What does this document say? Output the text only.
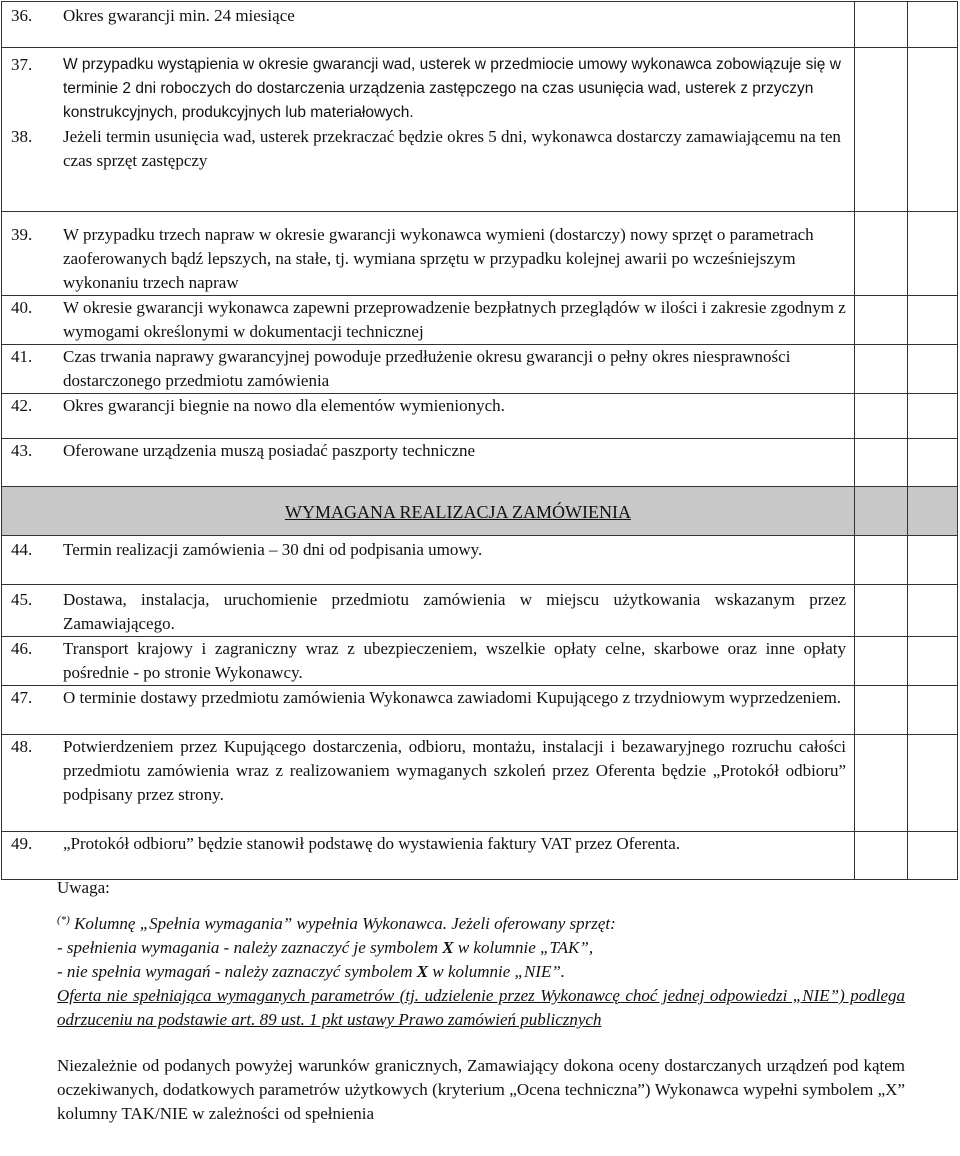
36. Okres gwarancji min. 24 miesiące		

37. W przypadku wystąpienia w okresie gwarancji wad, usterek w przedmiocie umowy wykonawca zobowiązuje się w terminie 2 dni roboczych do dostarczenia urządzenia zastępczego na czas usunięcia wad, usterek z przyczyn konstrukcyjnych, produkcyjnych lub materiałowych.
38. Jeżeli termin usunięcia wad, usterek przekraczać będzie okres 5 dni, wykonawca dostarczy zamawiającemu na ten czas sprzęt zastępczy		

39. W przypadku trzech napraw w okresie gwarancji wykonawca wymieni (dostarczy) nowy sprzęt o parametrach zaoferowanych bądź lepszych, na stałe, tj. wymiana sprzętu w przypadku kolejnej awarii po wcześniejszym wykonaniu trzech napraw		

40. W okresie gwarancji wykonawca zapewni przeprowadzenie bezpłatnych przeglądów w ilości i zakresie zgodnym z wymogami określonymi w dokumentacji technicznej		

41. Czas trwania naprawy gwarancyjnej powoduje przedłużenie okresu gwarancji o pełny okres niesprawności dostarczonego przedmiotu zamówienia		

42. Okres gwarancji biegnie na nowo dla elementów wymienionych.		

43. Oferowane urządzenia muszą posiadać paszporty techniczne		

WYMAGANA REALIZACJA ZAMÓWIENIA		

44. Termin realizacji zamówienia – 30 dni od podpisania umowy.		

45. Dostawa, instalacja, uruchomienie przedmiotu zamówienia w miejscu użytkowania wskazanym przez Zamawiającego.		

46. Transport krajowy i zagraniczny wraz z ubezpieczeniem, wszelkie opłaty celne, skarbowe oraz inne opłaty pośrednie - po stronie Wykonawcy.		

47. O terminie dostawy przedmiotu zamówienia Wykonawca zawiadomi Kupującego z trzydniowym wyprzedzeniem.		

48. Potwierdzeniem przez Kupującego dostarczenia, odbioru, montażu, instalacji i bezawaryjnego rozruchu całości przedmiotu zamówienia wraz z realizowaniem wymaganych szkoleń przez Oferenta będzie „Protokół odbioru” podpisany przez strony.		

49. „Protokół odbioru” będzie stanowił podstawę do wystawienia faktury VAT przez Oferenta.		

Uwaga:

(*) Kolumnę „Spełnia wymagania” wypełnia Wykonawca. Jeżeli oferowany sprzęt:

- spełnienia wymagania - należy zaznaczyć je symbolem X w kolumnie „TAK”,

- nie spełnia wymagań - należy zaznaczyć symbolem X w kolumnie „NIE”.

Oferta nie spełniająca wymaganych parametrów (tj. udzielenie przez Wykonawcę choć jednej odpowiedzi „NIE”) podlega odrzuceniu na podstawie art. 89 ust. 1 pkt ustawy Prawo zamówień publicznych

Niezależnie od podanych powyżej warunków granicznych, Zamawiający dokona oceny dostarczanych urządzeń pod kątem oczekiwanych, dodatkowych parametrów użytkowych (kryterium „Ocena techniczna”) Wykonawca wypełni symbolem „X” kolumny TAK/NIE w zależności od spełnienia
